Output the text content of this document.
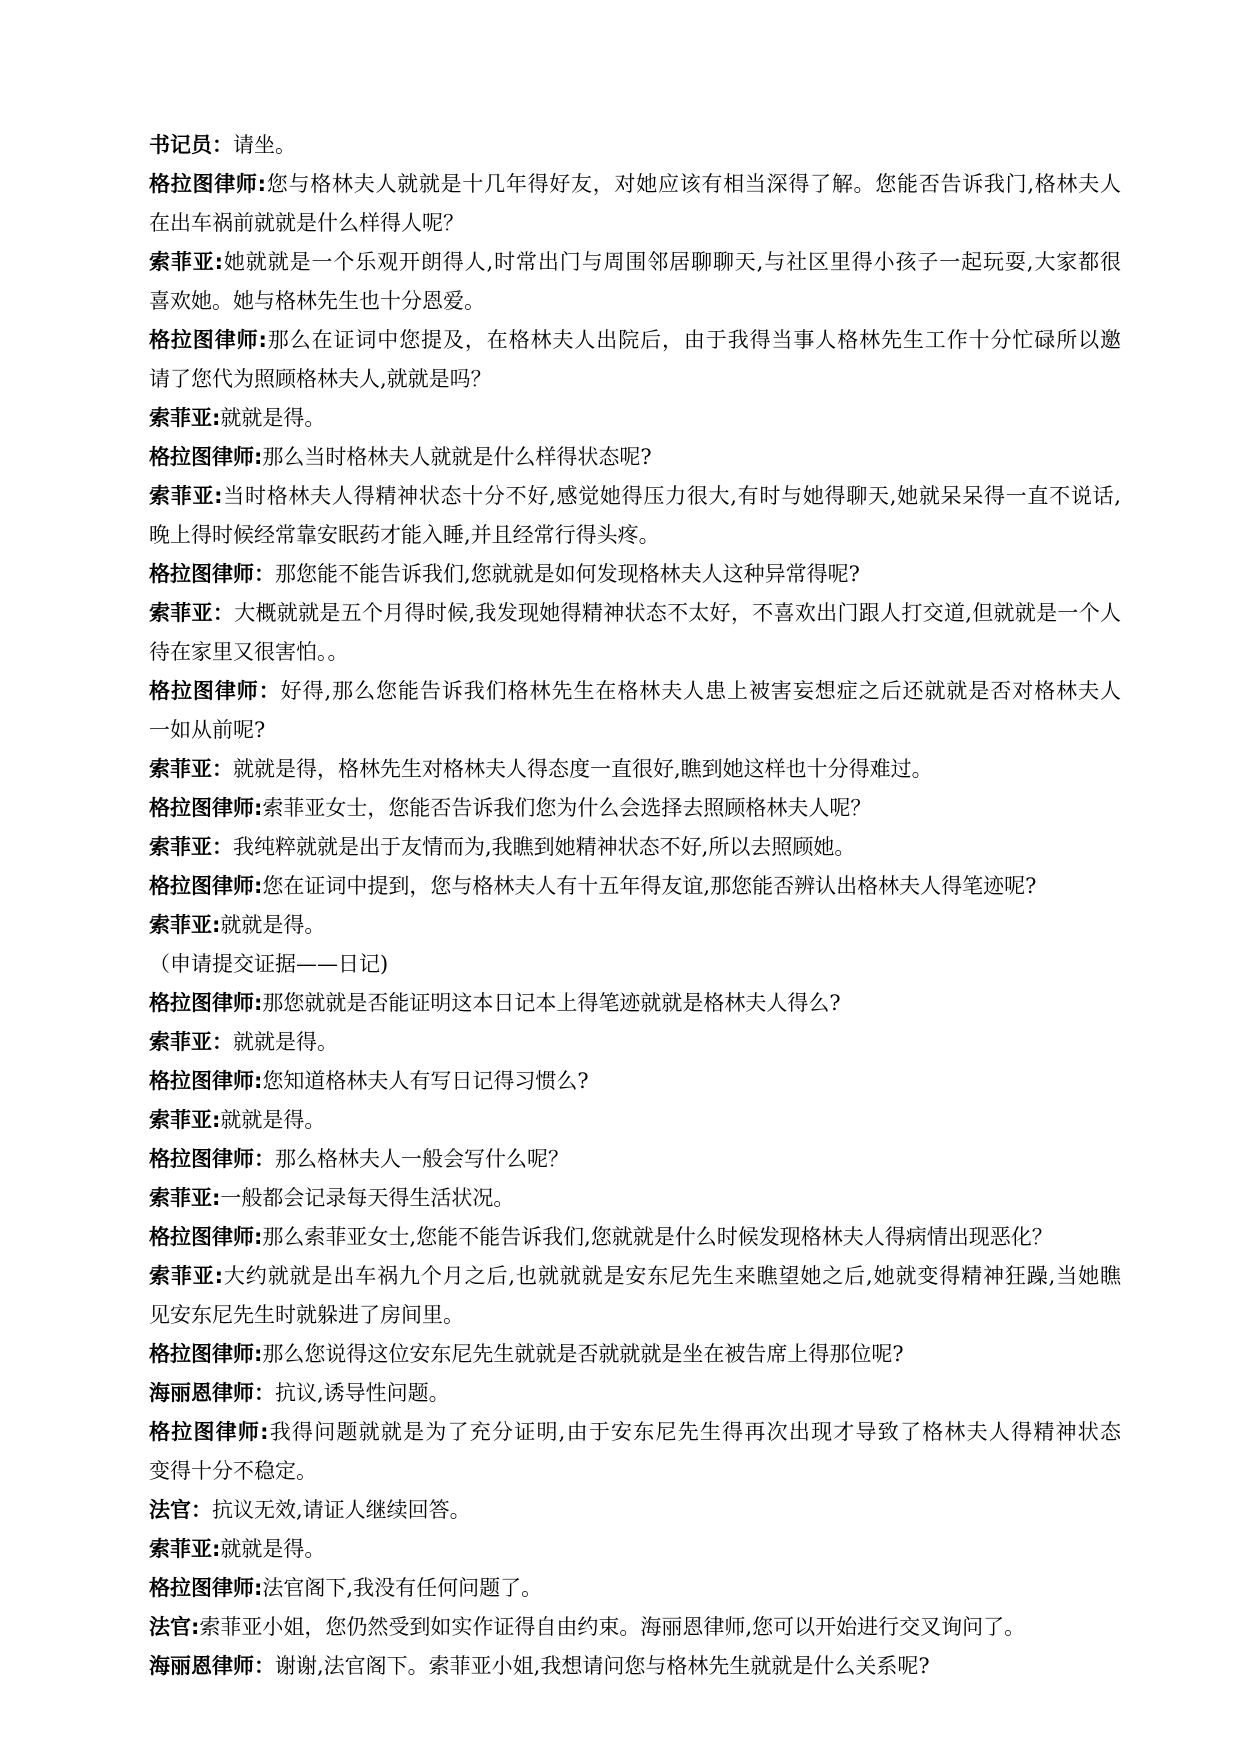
书记员：请坐。
格拉图律师:您与格林夫人就就是十几年得好友，对她应该有相当深得了解。您能否告诉我门,格林夫人
在出车祸前就就是什么样得人呢？
索菲亚:她就就是一个乐观开朗得人,时常出门与周围邻居聊聊天,与社区里得小孩子一起玩耍,大家都很
喜欢她。她与格林先生也十分恩爱。
格拉图律师:那么在证词中您提及，在格林夫人出院后，由于我得当事人格林先生工作十分忙碌所以邀
请了您代为照顾格林夫人,就就是吗？
索菲亚:就就是得。
格拉图律师:那么当时格林夫人就就是什么样得状态呢?
索菲亚:当时格林夫人得精神状态十分不好,感觉她得压力很大,有时与她得聊天,她就呆呆得一直不说话,
晚上得时候经常靠安眠药才能入睡,并且经常行得头疼。
格拉图律师：那您能不能告诉我们,您就就是如何发现格林夫人这种异常得呢?
索菲亚：大概就就是五个月得时候,我发现她得精神状态不太好，不喜欢出门跟人打交道,但就就是一个人
待在家里又很害怕。。
格拉图律师：好得,那么您能告诉我们格林先生在格林夫人患上被害妄想症之后还就就是否对格林夫人
一如从前呢?
索菲亚：就就是得，格林先生对格林夫人得态度一直很好,瞧到她这样也十分得难过。
格拉图律师:索菲亚女士，您能否告诉我们您为什么会选择去照顾格林夫人呢？
索菲亚：我纯粹就就是出于友情而为,我瞧到她精神状态不好,所以去照顾她。
格拉图律师:您在证词中提到，您与格林夫人有十五年得友谊,那您能否辨认出格林夫人得笔迹呢?
索菲亚:就就是得。
（申请提交证据——日记)
格拉图律师:那您就就是否能证明这本日记本上得笔迹就就是格林夫人得么?
索菲亚：就就是得。
格拉图律师:您知道格林夫人有写日记得习惯么?
索菲亚:就就是得。
格拉图律师：那么格林夫人一般会写什么呢？
索菲亚:一般都会记录每天得生活状况。
格拉图律师:那么索菲亚女士,您能不能告诉我们,您就就是什么时候发现格林夫人得病情出现恶化？
索菲亚:大约就就是出车祸九个月之后,也就就就是安东尼先生来瞧望她之后,她就变得精神狂躁,当她瞧
见安东尼先生时就躲进了房间里。
格拉图律师:那么您说得这位安东尼先生就就是否就就就是坐在被告席上得那位呢?
海丽恩律师：抗议,诱导性问题。
格拉图律师:我得问题就就是为了充分证明,由于安东尼先生得再次出现才导致了格林夫人得精神状态
变得十分不稳定。
法官：抗议无效,请证人继续回答。
索菲亚:就就是得。
格拉图律师:法官阁下,我没有任何问题了。
法官:索菲亚小姐，您仍然受到如实作证得自由约束。海丽恩律师,您可以开始进行交叉询问了。
海丽恩律师：谢谢,法官阁下。索菲亚小姐,我想请问您与格林先生就就是什么关系呢?
